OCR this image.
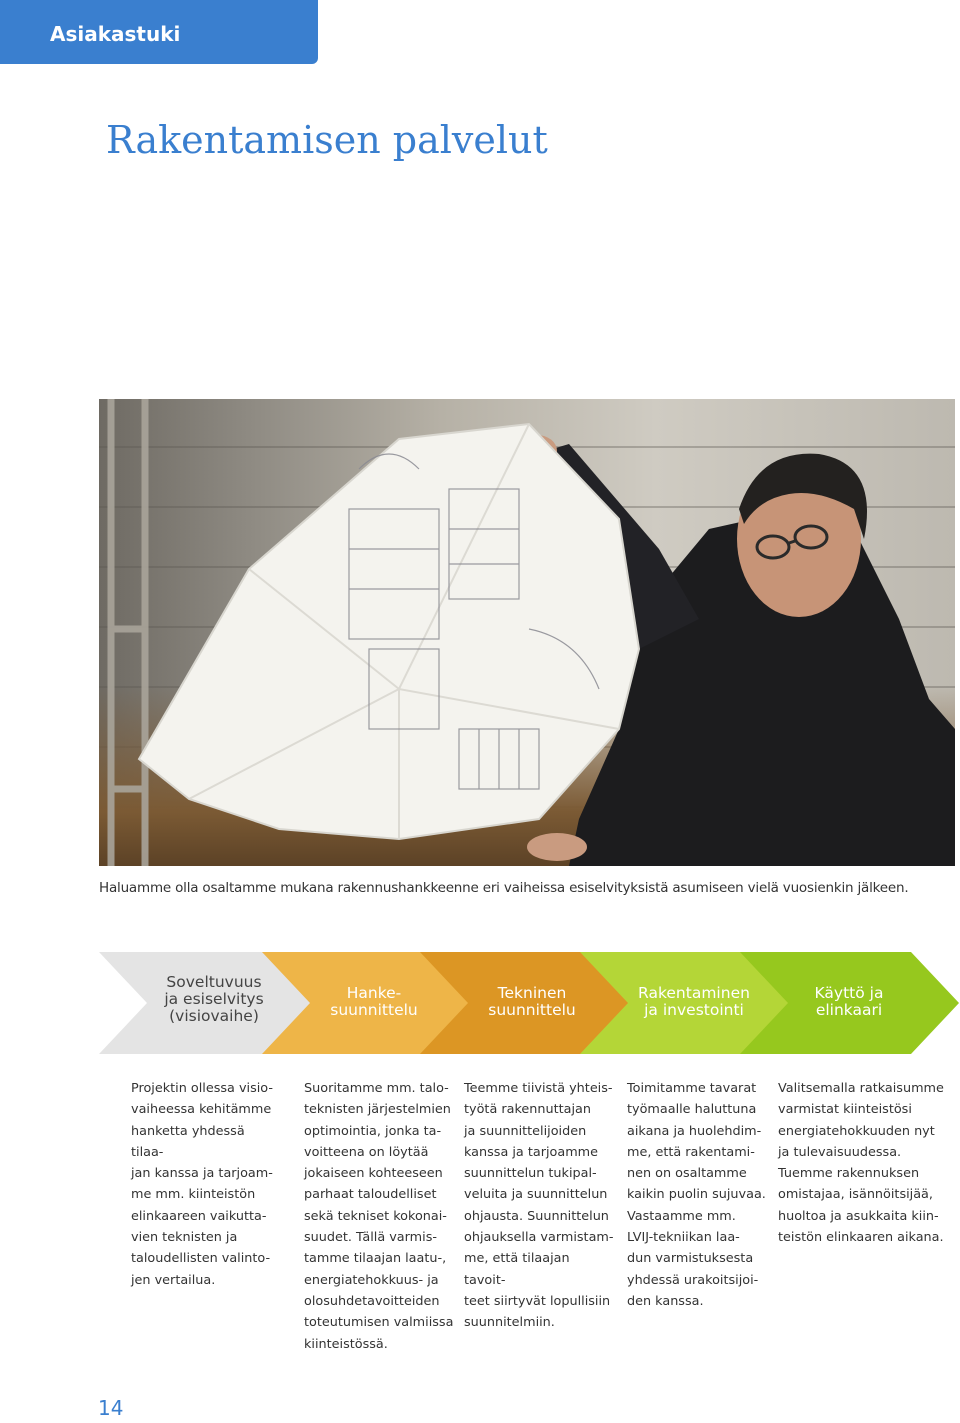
Asiakastuki
Rakentamisen palvelut

Haluamme olla osaltamme mukana rakennushankkeenne eri vaiheissa esiselvityksistä asumiseen vielä vuosienkin jälkeen.

Soveltuvuus
ja esiselvitys
(visiovaihe)
Hanke-
suunnittelu
Tekninen
suunnittelu
Rakentaminen
ja investointi
Käyttö ja
elinkaari

Projektin ollessa visio-
vaiheessa kehitämme
hanketta yhdessä tilaa-
jan kanssa ja tarjoam-
me mm. kiinteistön
elinkaareen vaikutta-
vien teknisten ja
taloudellisten valinto-
jen vertailua.

Suoritamme mm. talo-
teknisten järjestelmien
optimointia, jonka ta-
voitteena on löytää
jokaiseen kohteeseen
parhaat taloudelliset
sekä tekniset kokonai-
suudet. Tällä varmis-
tamme tilaajan laatu-,
energiatehokkuus- ja
olosuhdetavoitteiden
toteutumisen valmiissa
kiinteistössä.

Teemme tiivistä yhteis-
työtä rakennuttajan
ja suunnittelijoiden
kanssa ja tarjoamme
suunnittelun tukipal-
veluita ja suunnittelun
ohjausta. Suunnittelun
ohjauksella varmistam-
me, että tilaajan tavoit-
teet siirtyvät lopullisiin
suunnitelmiin.

Toimitamme tavarat
työmaalle haluttuna
aikana ja huolehdim-
me, että rakentami-
nen on osaltamme
kaikin puolin sujuvaa.
Vastaamme mm.
LVIJ-tekniikan laa-
dun varmistuksesta
yhdessä urakoitsijoi-
den kanssa.

Valitsemalla ratkaisumme
varmistat kiinteistösi
energiatehokkuuden nyt
ja tulevaisuudessa.
Tuemme rakennuksen
omistajaa, isännöitsijää,
huoltoa ja asukkaita kiin-
teistön elinkaaren aikana.

14
